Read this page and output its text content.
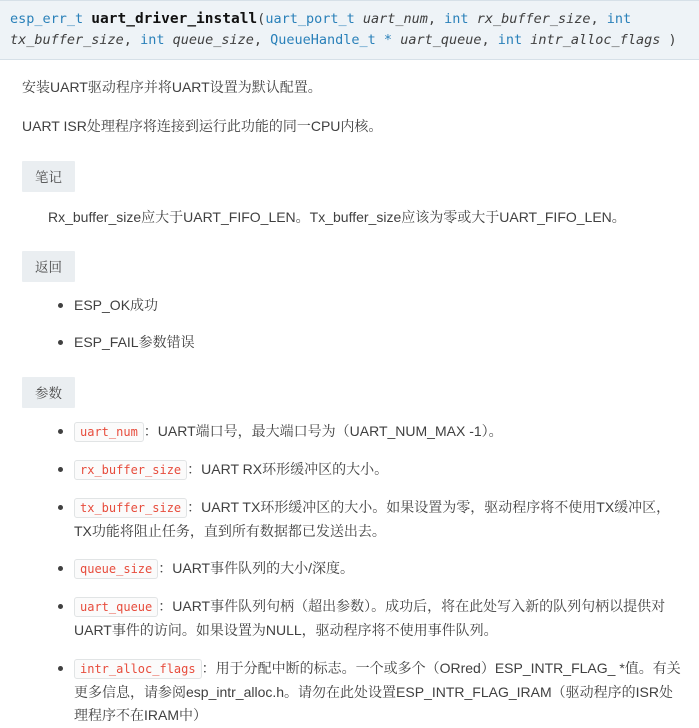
esp_err_t uart_driver_install(uart_port_t uart_num, int rx_buffer_size, int tx_buffer_size, int queue_size, QueueHandle_t * uart_queue, int intr_alloc_flags )

安装UART驱动程序并将UART设置为默认配置。

UART ISR处理程序将连接到运行此功能的同一CPU内核。

笔记
Rx_buffer_size应大于UART_FIFO_LEN。Tx_buffer_size应该为零或大于UART_FIFO_LEN。
返回
ESP_OK成功
ESP_FAIL参数错误
参数
uart_num ：UART端口号，最大端口号为（UART_NUM_MAX -1）。
rx_buffer_size ：UART RX环形缓冲区的大小。
tx_buffer_size ：UART TX环形缓冲区的大小。如果设置为零，驱动程序将不使用TX缓冲区，TX功能将阻止任务，直到所有数据都已发送出去。
queue_size ：UART事件队列的大小/深度。
uart_queue ：UART事件队列句柄（超出参数）。成功后，将在此处写入新的队列句柄以提供对UART事件的访问。如果设置为NULL，驱动程序将不使用事件队列。
intr_alloc_flags ：用于分配中断的标志。一个或多个（ORred）ESP_INTR_FLAG_ *值。有关更多信息，请参阅esp_intr_alloc.h。请勿在此处设置ESP_INTR_FLAG_IRAM（驱动程序的ISR处理程序不在IRAM中）
